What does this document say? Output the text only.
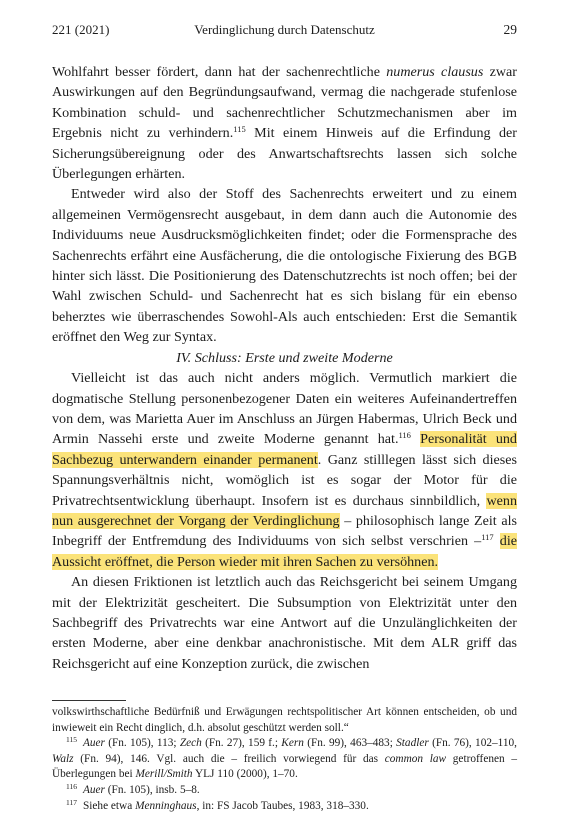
221 (2021)	Verdinglichung durch Datenschutz	29

Wohlfahrt besser fördert, dann hat der sachenrechtliche numerus clausus zwar Auswirkungen auf den Begründungsaufwand, vermag die nachgerade stufenlose Kombination schuld- und sachenrechtlicher Schutzmechanismen aber im Ergebnis nicht zu verhindern.$^{115}$ Mit einem Hinweis auf die Erfindung der Sicherungsübereignung oder des Anwartschaftsrechts lassen sich solche Überlegungen erhärten.

Entweder wird also der Stoff des Sachenrechts erweitert und zu einem allgemeinen Vermögensrecht ausgebaut, in dem dann auch die Autonomie des Individuums neue Ausdrucksmöglichkeiten findet; oder die Formensprache des Sachenrechts erfährt eine Ausfächerung, die die ontologische Fixierung des BGB hinter sich lässt. Die Positionierung des Datenschutzrechts ist noch offen; bei der Wahl zwischen Schuld- und Sachenrecht hat es sich bislang für ein ebenso beherztes wie überraschendes Sowohl-Als auch entschieden: Erst die Semantik eröffnet den Weg zur Syntax.

IV. Schluss: Erste und zweite Moderne

Vielleicht ist das auch nicht anders möglich. Vermutlich markiert die dogmatische Stellung personenbezogener Daten ein weiteres Aufeinandertreffen von dem, was Marietta Auer im Anschluss an Jürgen Habermas, Ulrich Beck und Armin Nassehi erste und zweite Moderne genannt hat.$^{116}$ Personalität und Sachbezug unterwandern einander permanent. Ganz stilllegen lässt sich dieses Spannungsverhältnis nicht, womöglich ist es sogar der Motor für die Privatrechtsentwicklung überhaupt. Insofern ist es durchaus sinnbildlich, wenn nun ausgerechnet der Vorgang der Verdinglichung – philosophisch lange Zeit als Inbegriff der Entfremdung des Individuums von sich selbst verschrien –$^{117}$ die Aussicht eröffnet, die Person wieder mit ihren Sachen zu versöhnen.

An diesen Friktionen ist letztlich auch das Reichsgericht bei seinem Umgang mit der Elektrizität gescheitert. Die Subsumption von Elektrizität unter den Sachbegriff des Privatrechts war eine Antwort auf die Unzulänglichkeiten der ersten Moderne, aber eine denkbar anachronistische. Mit dem ALR griff das Reichsgericht auf eine Konzeption zurück, die zwischen

volkswirthschaftliche Bedürfniß und Erwägungen rechtspolitischer Art können entscheiden, ob und inwieweit ein Recht dinglich, d.h. absolut geschützt werden soll.“

$^{115}$ Auer (Fn. 105), 113; Zech (Fn. 27), 159 f.; Kern (Fn. 99), 463–483; Stadler (Fn. 76), 102–110, Walz (Fn. 94), 146. Vgl. auch die – freilich vorwiegend für das common law getroffenen – Überlegungen bei Merill/Smith YLJ 110 (2000), 1–70.

$^{116}$ Auer (Fn. 105), insb. 5–8.

$^{117}$ Siehe etwa Menninghaus, in: FS Jacob Taubes, 1983, 318–330.
